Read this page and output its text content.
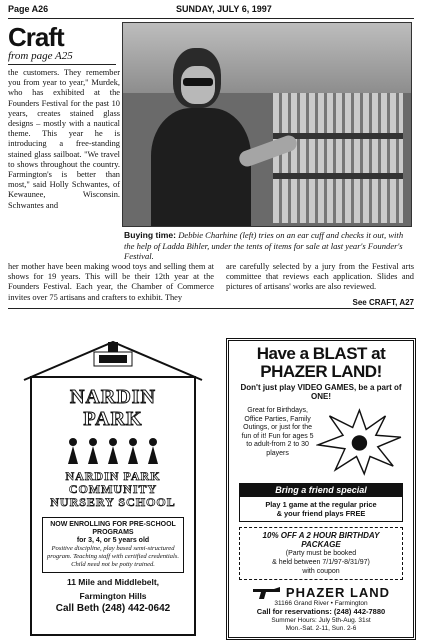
Page A26	SUNDAY, JULY 6, 1997
Craft
from page A25

the customers. They remember you from year to year," Murdek, who has exhibited at the Founders Festival for the past 10 years, creates stained glass designs – mostly with a nautical theme. This year he is introducing a free-standing stained glass sailboat. "We travel to shows throughout the country. Farmington's is better than most," said Holly Schwantes, of Kewaunee, Wisconsin. Schwantes and

Buying time: Debbie Charhine (left) tries on an ear cuff and checks it out, with the help of Ladda Bihler, under the tents of items for sale at last year's Founder's Festival.
her mother have been making wood toys and selling them at shows for 19 years. This will be their 12th year at the Founders Festival. Each year, the Chamber of Commerce invites over 75 artisans and crafters to exhibit. They
are carefully selected by a jury from the Festival arts committee that reviews each application. Slides and pictures of artisans' works are also reviewed.
See CRAFT, A27
NARDIN
PARK
NARDIN PARK
COMMUNITY
NURSERY SCHOOL
NOW ENROLLING FOR PRE-SCHOOL PROGRAMS
for 3, 4, or 5 years old
Positive discipline, play based semi-structured program. Teaching staff with certified credentials. Child need not be potty trained.
11 Mile and Middlebelt,
Farmington Hills
Call Beth (248) 442-0642
Have a BLAST at
PHAZER LAND!
Don't just play VIDEO GAMES, be a part of ONE!
Great for Birthdays, Office Parties, Family Outings, or just for the fun of it! Fun for ages 5 to adult-from 2 to 30 players
Bring a friend special
Play 1 game at the regular price
& your friend plays FREE
10% OFF A 2 HOUR BIRTHDAY PACKAGE
(Party must be booked
& held between 7/1/97-8/31/97)
with coupon
PHAZER LAND
31166 Grand River • Farmington
Call for reservations: (248) 442-7880
Summer Hours: July 5th-Aug. 31st
Mon.-Sat. 2-11, Sun. 2-6
